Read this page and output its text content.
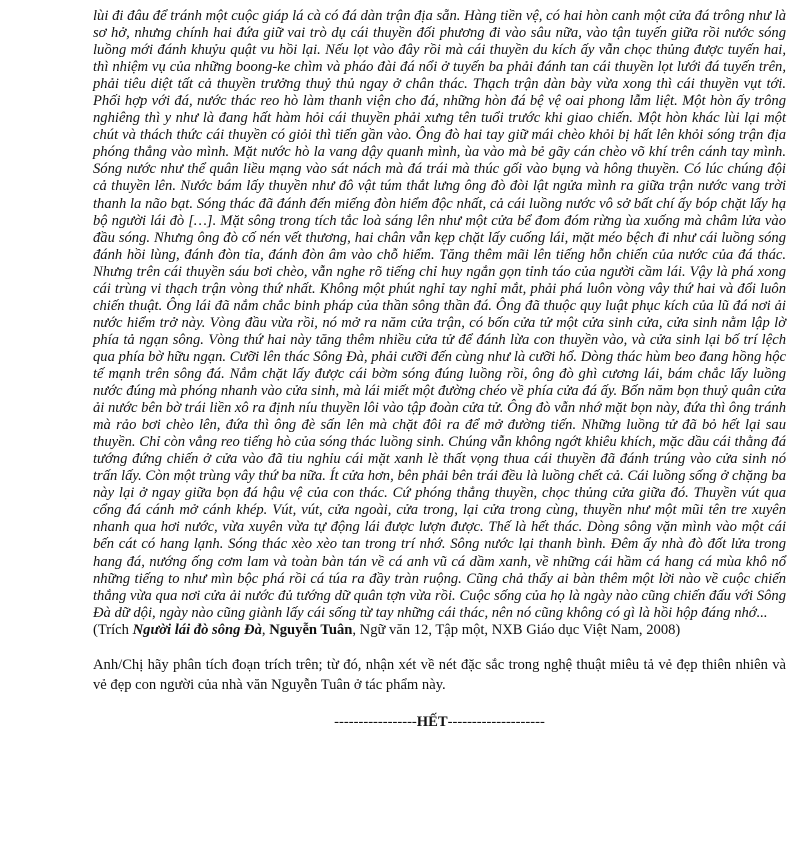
lùi đi đâu để tránh một cuộc giáp lá cà có đá dàn trận địa sẵn. Hàng tiền vệ, có hai hòn canh một cửa đá trông như là sơ hở, nhưng chính hai đứa giữ vai trò dụ cái thuyền đối phương đi vào sâu nữa, vào tận tuyến giữa rồi nước sóng luồng mới đánh khuỷu quật vu hồi lại. Nếu lọt vào đây rồi mà cái thuyền du kích ấy vẫn chọc thủng được tuyến hai, thì nhiệm vụ của những boong-ke chìm và pháo đài đá nổi ở tuyến ba phải đánh tan cái thuyền lọt lưới đá tuyến trên, phải tiêu diệt tất cả thuyền trưởng thuỷ thủ ngay ở chân thác. Thạch trận dàn bày vừa xong thì cái thuyền vụt tới. Phối hợp với đá, nước thác reo hò làm thanh viện cho đá, những hòn đá bệ vệ oai phong lẫm liệt. Một hòn ấy trông nghiêng thì y như là đang hất hàm hỏi cái thuyền phải xưng tên tuổi trước khi giao chiến. Một hòn khác lùi lại một chút và thách thức cái thuyền có giỏi thì tiến gần vào. Ông đò hai tay giữ mái chèo khỏi bị hất lên khỏi sóng trận địa phóng thẳng vào mình. Mặt nước hò la vang dậy quanh mình, ùa vào mà bẻ gãy cán chèo võ khí trên cánh tay mình. Sóng nước như thể quân liều mạng vào sát nách mà đá trái mà thúc gối vào bụng và hông thuyền. Có lúc chúng đội cả thuyền lên. Nước bám lấy thuyền như đô vật túm thắt lưng ông đò đòi lật ngửa mình ra giữa trận nước vang trời thanh la não bạt. Sóng thác đã đánh đến miếng đòn hiểm độc nhất, cả cái luồng nước vô sở bất chí ấy bóp chặt lấy hạ bộ người lái đò […]. Mặt sông trong tích tắc loà sáng lên như một cửa bể đom đóm rừng ùa xuống mà châm lửa vào đầu sóng. Nhưng ông đò cố nén vết thương, hai chân vẫn kẹp chặt lấy cuống lái, mặt méo bệch đi như cái luồng sóng đánh hồi lùng, đánh đòn tỉa, đánh đòn âm vào chỗ hiểm. Tăng thêm mãi lên tiếng hỗn chiến của nước của đá thác. Nhưng trên cái thuyền sáu bơi chèo, vẫn nghe rõ tiếng chỉ huy ngắn gọn tỉnh táo của người cầm lái. Vậy là phá xong cái trùng vi thạch trận vòng thứ nhất. Không một phút nghỉ tay nghỉ mắt, phải phá luôn vòng vây thứ hai và đổi luôn chiến thuật. Ông lái đã nắm chắc binh pháp của thần sông thần đá. Ông đã thuộc quy luật phục kích của lũ đá nơi ải nước hiểm trở này. Vòng đầu vừa rồi, nó mở ra năm cửa trận, có bốn cửa tử một cửa sinh cửa, cửa sinh nằm lập lờ phía tả ngạn sông. Vòng thứ hai này tăng thêm nhiều cửa tử để đánh lừa con thuyền vào, và cửa sinh lại bố trí lệch qua phía bờ hữu ngạn. Cưỡi lên thác Sông Đà, phải cưỡi đến cùng như là cưỡi hổ. Dòng thác hùm beo đang hồng hộc tế mạnh trên sông đá. Nắm chặt lấy được cái bờm sóng đúng luồng rồi, ông đò ghì cương lái, bám chắc lấy luồng nước đúng mà phóng nhanh vào cửa sinh, mà lái miết một đường chéo về phía cửa đá ấy. Bốn năm bọn thuỷ quân cửa ải nước bên bờ trái liền xô ra định níu thuyền lôi vào tập đoàn cửa tử. Ông đò vẫn nhớ mặt bọn này, đứa thì ông tránh mà rảo bơi chèo lên, đứa thì ông đè sấn lên mà chặt đôi ra để mở đường tiến. Những luồng tử đã bỏ hết lại sau thuyền. Chỉ còn vẳng reo tiếng hò của sóng thác luồng sinh. Chúng vẫn không ngớt khiêu khích, mặc dầu cái thằng đá tướng đứng chiến ở cửa vào đã tiu nghỉu cái mặt xanh lè thất vọng thua cái thuyền đã đánh trúng vào cửa sinh nó trấn lấy. Còn một trùng vây thứ ba nữa. Ít cửa hơn, bên phải bên trái đều là luồng chết cả. Cái luồng sống ở chặng ba này lại ở ngay giữa bọn đá hậu vệ của con thác. Cứ phóng thẳng thuyền, chọc thủng cửa giữa đó. Thuyền vút qua cổng đá cánh mở cánh khép. Vút, vút, cửa ngoài, cửa trong, lại cửa trong cùng, thuyền như một mũi tên tre xuyên nhanh qua hơi nước, vừa xuyên vừa tự động lái được lượn được. Thế là hết thác. Dòng sông vặn mình vào một cái bến cát có hang lạnh. Sóng thác xèo xèo tan trong trí nhớ. Sông nước lại thanh bình. Đêm ấy nhà đò đốt lửa trong hang đá, nướng ống cơm lam và toàn bàn tán về cá anh vũ cá dầm xanh, về những cái hầm cá hang cá mùa khô nổ những tiếng to như mìn bộc phá rồi cá túa ra đầy tràn ruộng. Cũng chả thấy ai bàn thêm một lời nào về cuộc chiến thắng vừa qua nơi cửa ải nước đủ tướng dữ quân tợn vừa rồi. Cuộc sống của họ là ngày nào cũng chiến đấu với Sông Đà dữ dội, ngày nào cũng giành lấy cái sống từ tay những cái thác, nên nó cũng không có gì là hồi hộp đáng nhớ...

(Trích Người lái đò sông Đà, Nguyễn Tuân, Ngữ văn 12, Tập một, NXB Giáo dục Việt Nam, 2008)

Anh/Chị hãy phân tích đoạn trích trên; từ đó, nhận xét về nét đặc sắc trong nghệ thuật miêu tả vẻ đẹp thiên nhiên và vẻ đẹp con người của nhà văn Nguyễn Tuân ở tác phẩm này.

-----------------HẾT--------------------
